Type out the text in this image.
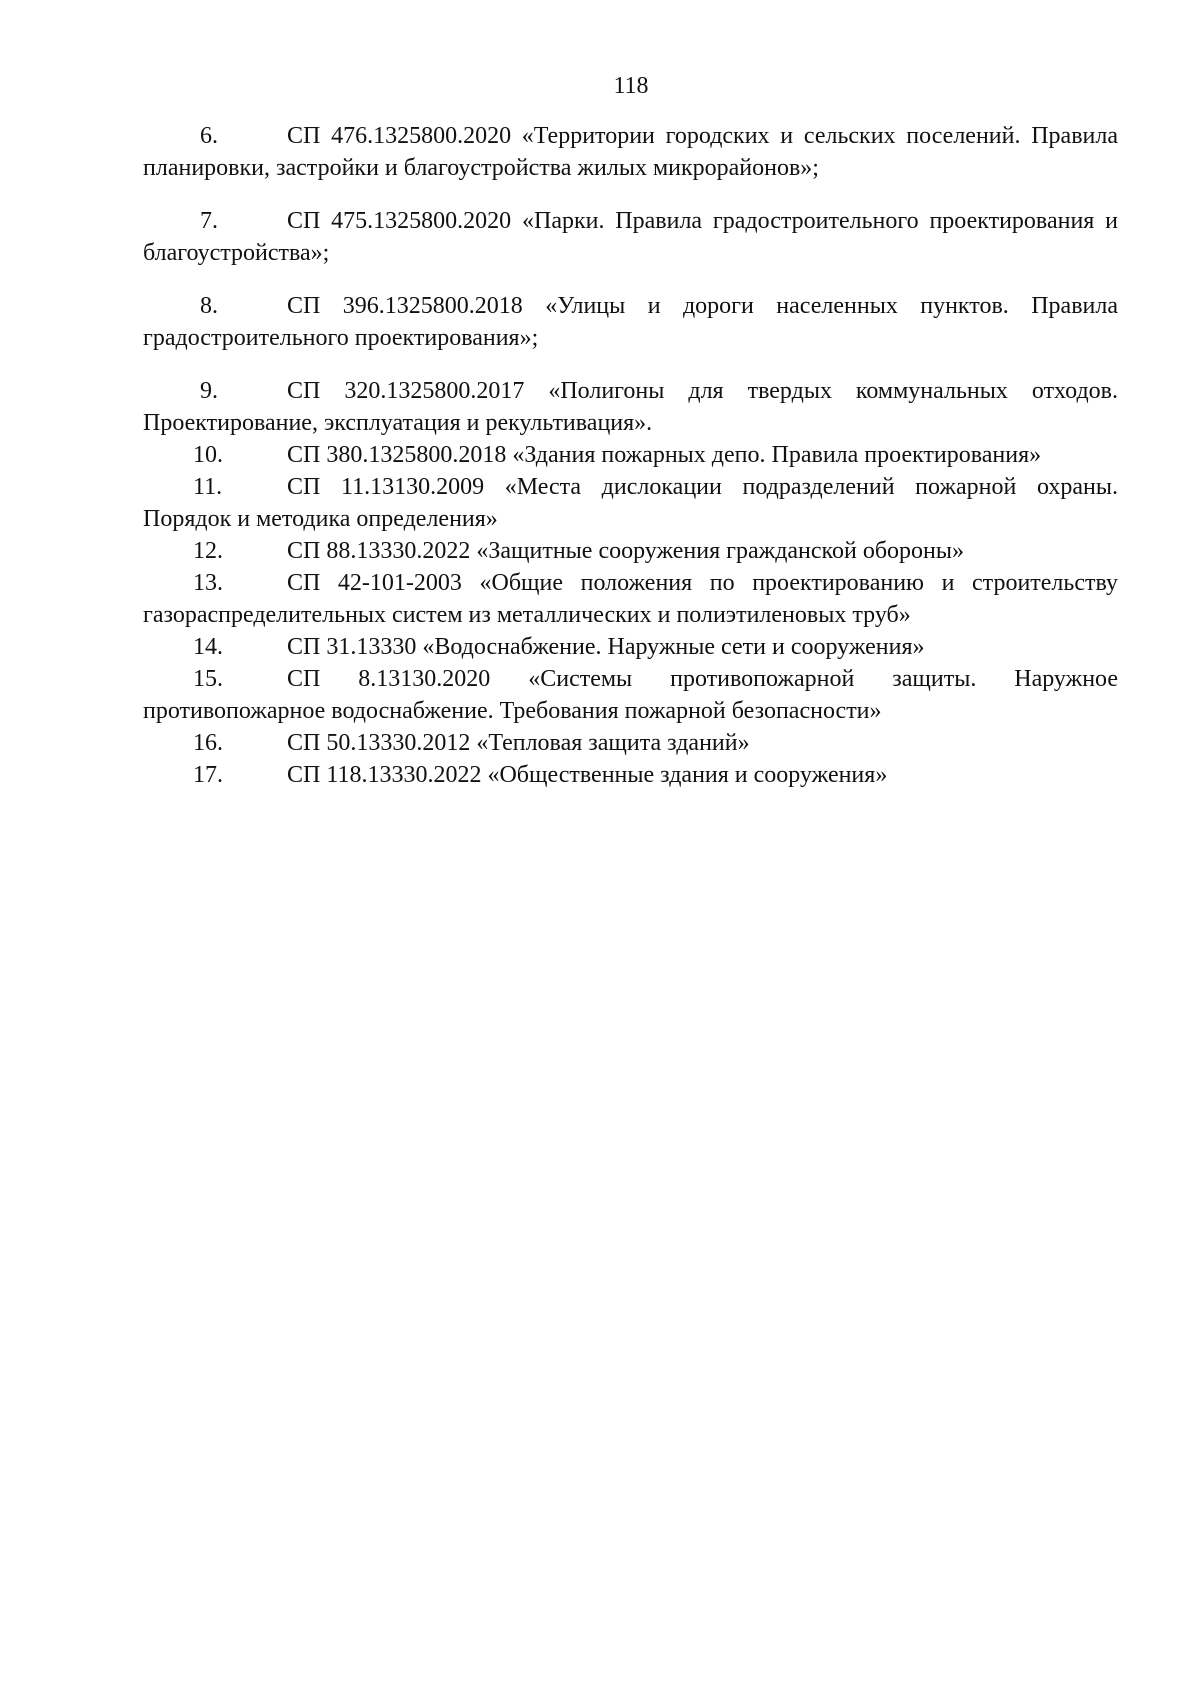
118

6.	СП 476.1325800.2020 «Территории городских и сельских поселений. Правила планировки, застройки и благоустройства жилых микрорайонов»;

7.	СП 475.1325800.2020 «Парки. Правила градостроительного проектирования и благоустройства»;

8.	СП 396.1325800.2018 «Улицы и дороги населенных пунктов. Правила градостроительного проектирования»;

9.	СП 320.1325800.2017 «Полигоны для твердых коммунальных отходов. Проектирование, эксплуатация и рекультивация».

10.	СП 380.1325800.2018 «Здания пожарных депо. Правила проектирования»

11.	СП 11.13130.2009 «Места дислокации подразделений пожарной охраны. Порядок и методика определения»

12.	СП 88.13330.2022 «Защитные сооружения гражданской обороны»

13.	СП 42-101-2003 «Общие положения по проектированию и строительству газораспределительных систем из металлических и полиэтиленовых труб»

14.	СП 31.13330 «Водоснабжение. Наружные сети и сооружения»

15.	СП 8.13130.2020 «Системы противопожарной защиты. Наружное противопожарное водоснабжение. Требования пожарной безопасности»

16.	СП 50.13330.2012 «Тепловая защита зданий»

17.	СП 118.13330.2022 «Общественные здания и сооружения»
